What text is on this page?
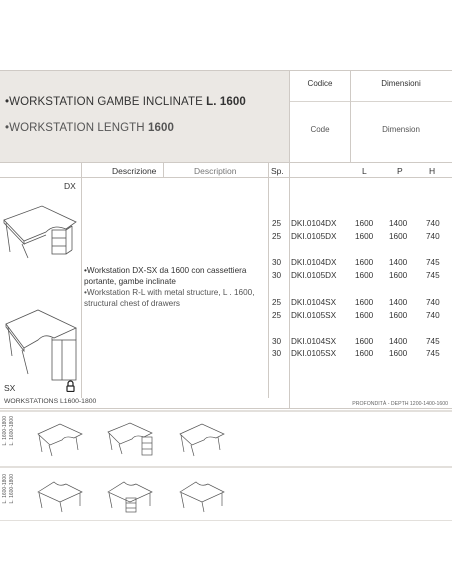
•WORKSTATION GAMBE INCLINATE L. 1600
•WORKSTATION LENGTH 1600
Codice
Code
Dimensioni
Dimension
Descrizione	Description	Sp.	L	P	H
DX
SX

•Workstation DX-SX da 1600 con cassettiera portante, gambe inclinate

•Workstation R-L with metal structure, L . 1600, structural chest of drawers

25 DKI.0104DX 1600 1400 740
25 DKI.0105DX 1600 1600 740
30 DKI.0104DX 1600 1400 745
30 DKI.0105DX 1600 1600 745
25 DKI.0104SX 1600 1400 740
25 DKI.0105SX 1600 1600 740
30 DKI.0104SX 1600 1400 745
30 DKI.0105SX 1600 1600 745
WORKSTATIONS L1600-1800	PROFONDITÀ - DEPTH 1200-1400-1600
L. 1600-1800 L. 1600-1800
L. 1600-1800 L. 1600-1800
